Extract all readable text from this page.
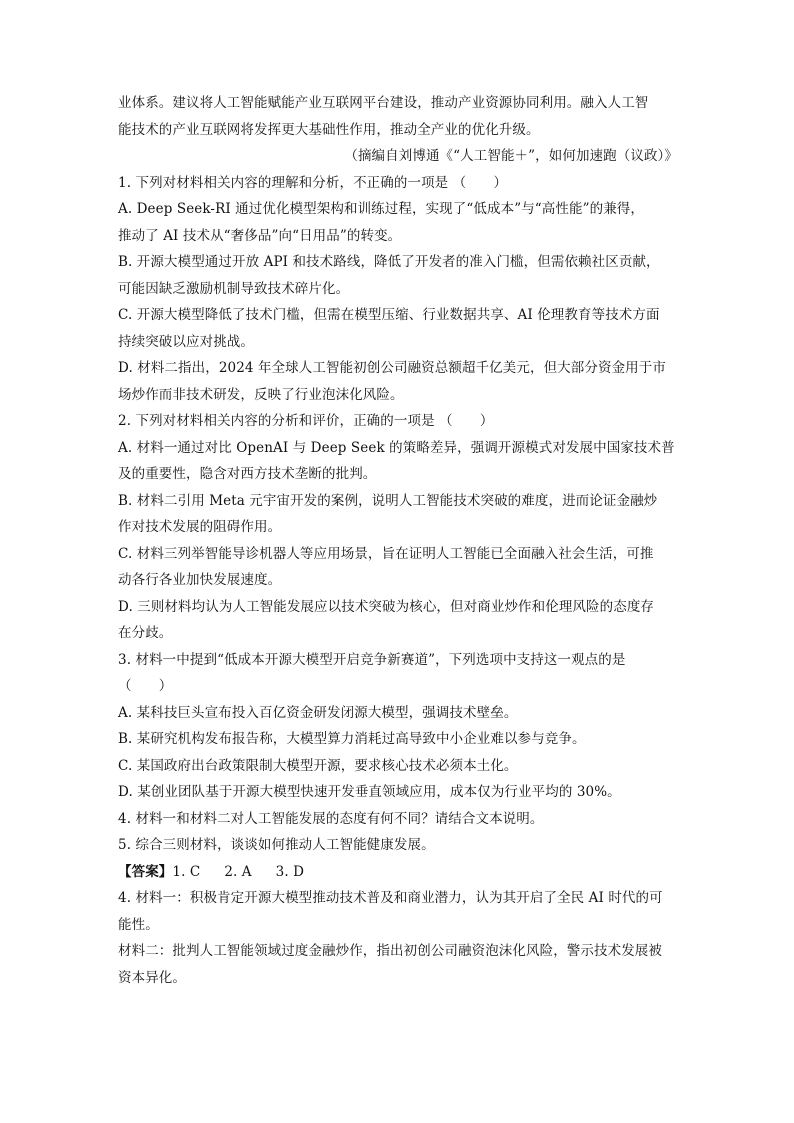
业体系。建议将人工智能赋能产业互联网平台建设，推动产业资源协同利用。融入人工智
能技术的产业互联网将发挥更大基础性作用，推动全产业的优化升级。
（摘编自刘博通《“人工智能＋”，如何加速跑（议政）》
1. 下列对材料相关内容的理解和分析，不正确的一项是 （　　）
A. Deep Seek-RI 通过优化模型架构和训练过程，实现了“低成本”与“高性能”的兼得，
推动了 AI 技术从“奢侈品”向“日用品”的转变。
B. 开源大模型通过开放 API 和技术路线，降低了开发者的准入门槛，但需依赖社区贡献，
可能因缺乏激励机制导致技术碎片化。
C. 开源大模型降低了技术门槛，但需在模型压缩、行业数据共享、AI 伦理教育等技术方面
持续突破以应对挑战。
D. 材料二指出，2024 年全球人工智能初创公司融资总额超千亿美元，但大部分资金用于市
场炒作而非技术研发，反映了行业泡沫化风险。
2. 下列对材料相关内容的分析和评价，正确的一项是 （　　）
A. 材料一通过对比 OpenAI 与 Deep Seek 的策略差异，强调开源模式对发展中国家技术普
及的重要性，隐含对西方技术垄断的批判。
B. 材料二引用 Meta 元宇宙开发的案例，说明人工智能技术突破的难度，进而论证金融炒
作对技术发展的阻碍作用。
C. 材料三列举智能导诊机器人等应用场景，旨在证明人工智能已全面融入社会生活，可推
动各行各业加快发展速度。
D. 三则材料均认为人工智能发展应以技术突破为核心，但对商业炒作和伦理风险的态度存
在分歧。
3. 材料一中提到“低成本开源大模型开启竞争新赛道”，下列选项中支持这一观点的是
（　　）
A. 某科技巨头宣布投入百亿资金研发闭源大模型，强调技术壁垒。
B. 某研究机构发布报告称，大模型算力消耗过高导致中小企业难以参与竞争。
C. 某国政府出台政策限制大模型开源，要求核心技术必须本土化。
D. 某创业团队基于开源大模型快速开发垂直领域应用，成本仅为行业平均的 30%。
4. 材料一和材料二对人工智能发展的态度有何不同？请结合文本说明。
5. 综合三则材料，谈谈如何推动人工智能健康发展。
【答案】1. C 2. A 3. D
4. 材料一：积极肯定开源大模型推动技术普及和商业潜力，认为其开启了全民 AI 时代的可
能性。
材料二：批判人工智能领域过度金融炒作，指出初创公司融资泡沫化风险，警示技术发展被
资本异化。
